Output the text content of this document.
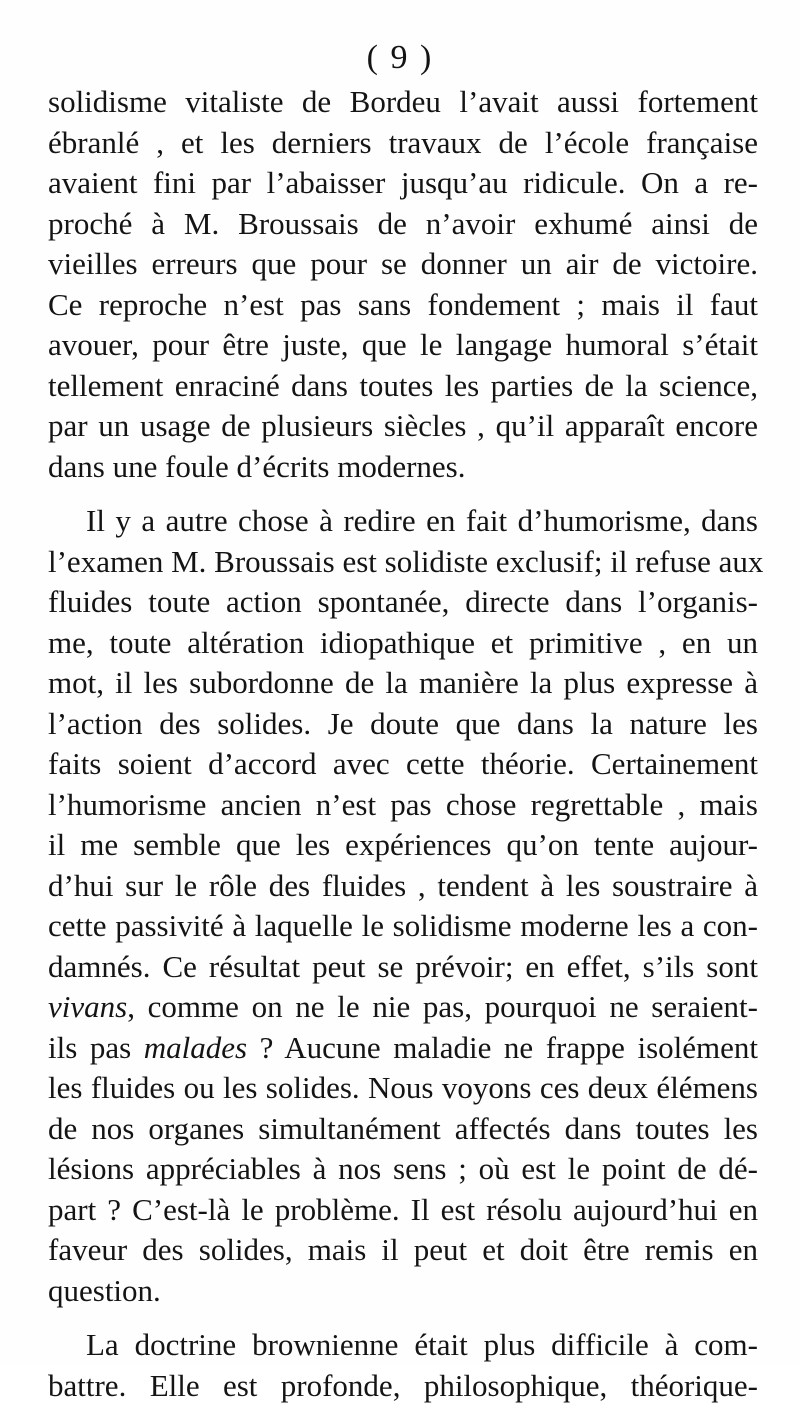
( 9 )
solidisme vitaliste de Bordeu l’avait aussi fortement
ébranlé , et les derniers travaux de l’école française
avaient fini par l’abaisser jusqu’au ridicule. On a re-
proché à M. Broussais de n’avoir exhumé ainsi de
vieilles erreurs que pour se donner un air de victoire.
Ce reproche n’est pas sans fondement ; mais il faut
avouer, pour être juste, que le langage humoral s’était
tellement enraciné dans toutes les parties de la science,
par un usage de plusieurs siècles , qu’il apparaît encore
dans une foule d’écrits modernes.
Il y a autre chose à redire en fait d’humorisme, dans
l’examen M. Broussais est solidiste exclusif; il refuse aux
fluides toute action spontanée, directe dans l’organis-
me, toute altération idiopathique et primitive , en un
mot, il les subordonne de la manière la plus expresse à
l’action des solides. Je doute que dans la nature les
faits soient d’accord avec cette théorie. Certainement
l’humorisme ancien n’est pas chose regrettable , mais
il me semble que les expériences qu’on tente aujour-
d’hui sur le rôle des fluides , tendent à les soustraire à
cette passivité à laquelle le solidisme moderne les a con-
damnés. Ce résultat peut se prévoir; en effet, s’ils sont
vivans, comme on ne le nie pas, pourquoi ne seraient-
ils pas malades ? Aucune maladie ne frappe isolément
les fluides ou les solides. Nous voyons ces deux élémens
de nos organes simultanément affectés dans toutes les
lésions appréciables à nos sens ; où est le point de dé-
part ? C’est-là le problème. Il est résolu aujourd’hui en
faveur des solides, mais il peut et doit être remis en
question.
La doctrine brownienne était plus difficile à com-
battre. Elle est profonde, philosophique, théorique-
